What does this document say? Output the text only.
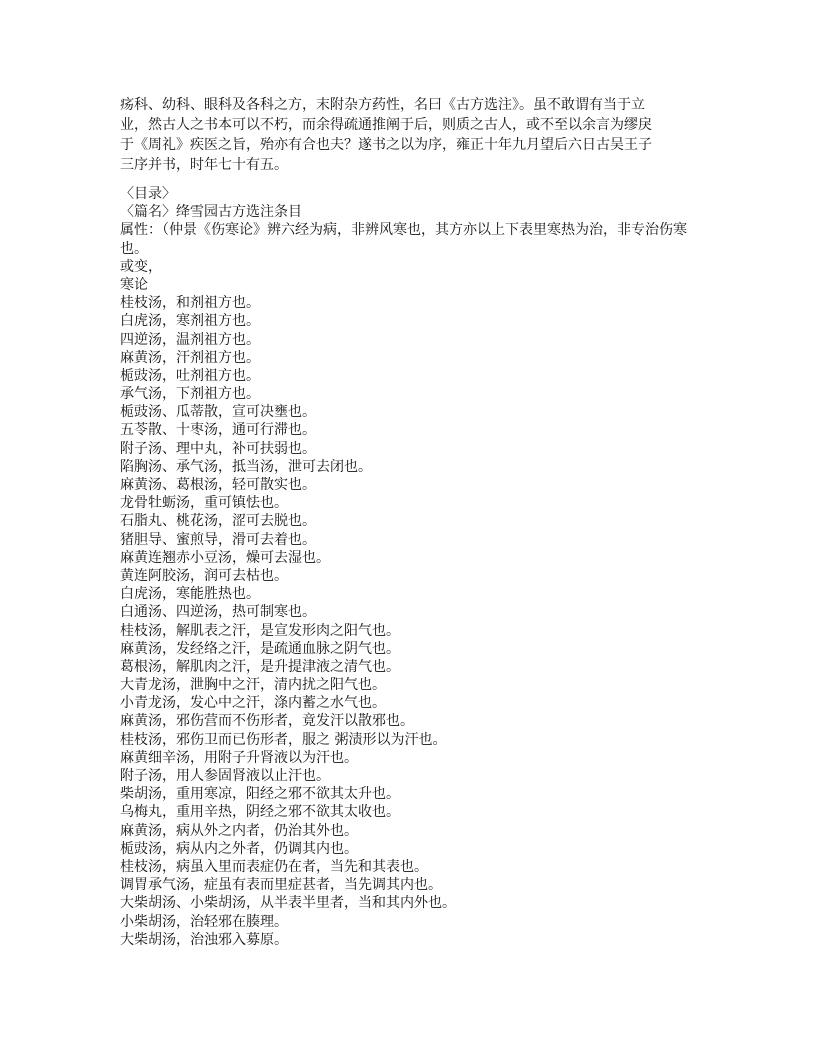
疡科、幼科、眼科及各科之方，末附杂方药性，名曰《古方选注》。虽不敢谓有当于立
业，然古人之书本可以不朽，而余得疏通推阐于后，则质之古人，或不至以余言为缪戾
于《周礼》疾医之旨，殆亦有合也夫？遂书之以为序，雍正十年九月望后六日古吴王子
三序并书，时年七十有五。
〈目录〉
〈篇名〉绛雪园古方选注条目
属性：（仲景《伤寒论》辨六经为病，非辨风寒也，其方亦以上下表里寒热为治，非专治伤寒
也。
或变，
寒论
桂枝汤，和剂祖方也。
白虎汤，寒剂祖方也。
四逆汤，温剂祖方也。
麻黄汤，汗剂祖方也。
栀豉汤，吐剂祖方也。
承气汤，下剂祖方也。
栀豉汤、瓜蒂散，宣可决壅也。
五苓散、十枣汤，通可行滞也。
附子汤、理中丸，补可扶弱也。
陷胸汤、承气汤，抵当汤，泄可去闭也。
麻黄汤、葛根汤，轻可散实也。
龙骨牡蛎汤，重可镇怯也。
石脂丸、桃花汤，涩可去脱也。
猪胆导、蜜煎导，滑可去着也。
麻黄连翘赤小豆汤，燥可去湿也。
黄连阿胶汤，润可去枯也。
白虎汤，寒能胜热也。
白通汤、四逆汤，热可制寒也。
桂枝汤，解肌表之汗，是宣发形肉之阳气也。
麻黄汤，发经络之汗，是疏通血脉之阴气也。
葛根汤，解肌肉之汗，是升提津液之清气也。
大青龙汤，泄胸中之汗，清内扰之阳气也。
小青龙汤，发心中之汗，涤内蓄之水气也。
麻黄汤，邪伤营而不伤形者，竟发汗以散邪也。
桂枝汤，邪伤卫而已伤形者，服之 粥渍形以为汗也。
麻黄细辛汤，用附子升肾液以为汗也。
附子汤，用人参固肾液以止汗也。
柴胡汤，重用寒凉，阳经之邪不欲其太升也。
乌梅丸，重用辛热，阴经之邪不欲其太收也。
麻黄汤，病从外之内者，仍治其外也。
栀豉汤，病从内之外者，仍调其内也。
桂枝汤，病虽入里而表症仍在者，当先和其表也。
调胃承气汤，症虽有表而里症甚者，当先调其内也。
大柴胡汤、小柴胡汤，从半表半里者，当和其内外也。
小柴胡汤，治轻邪在腠理。
大柴胡汤，治浊邪入募原。
